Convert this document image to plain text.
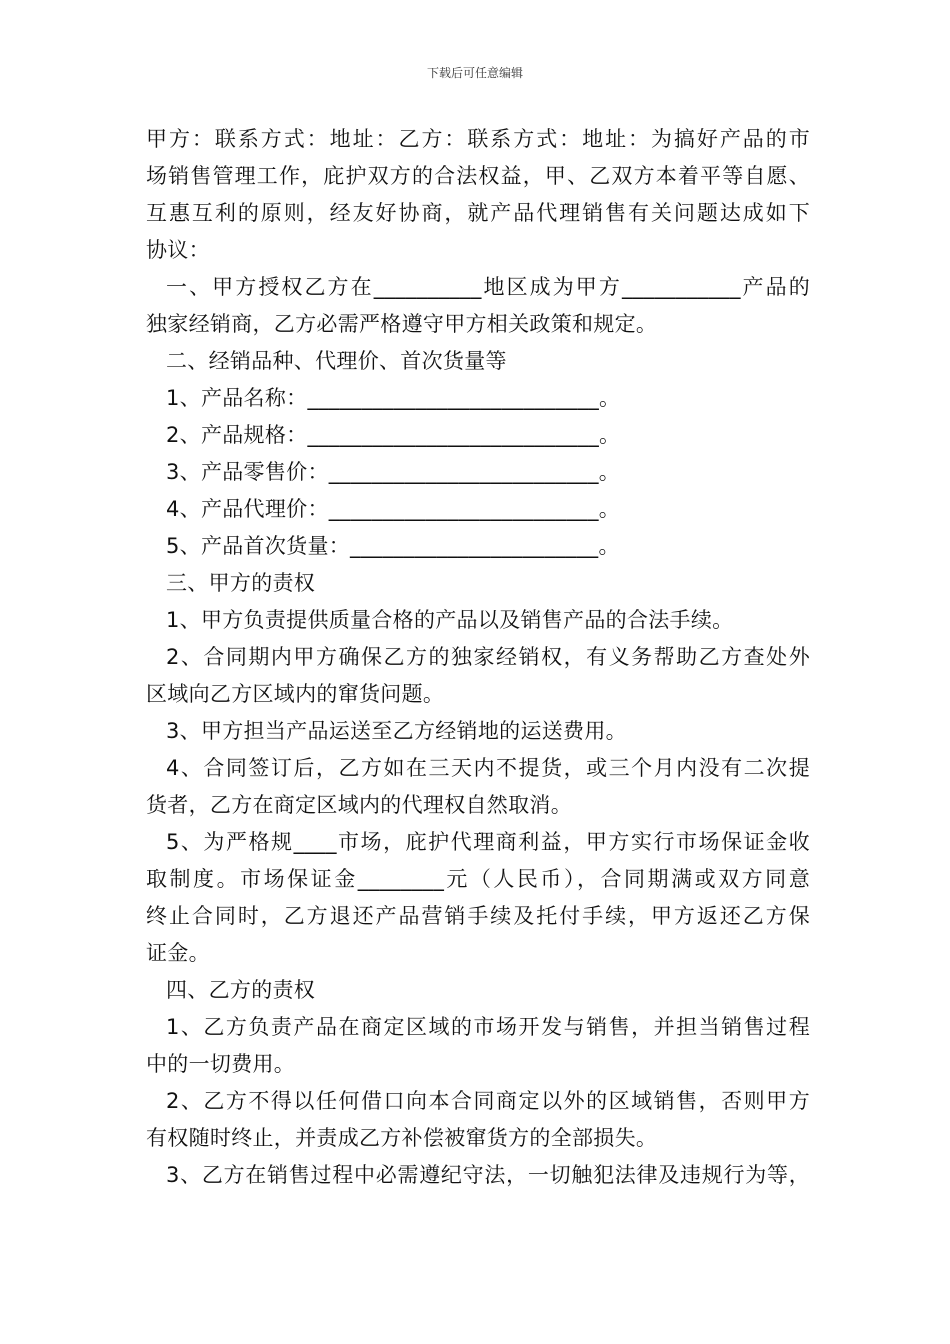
下载后可任意编辑
甲方：联系方式：地址：乙方：联系方式：地址：为搞好产品的市
场销售管理工作，庇护双方的合法权益，甲、乙双方本着平等自愿、
互惠互利的原则，经友好协商，就产品代理销售有关问题达成如下
协议：
一、甲方授权乙方在__________地区成为甲方___________产品的
独家经销商，乙方必需严格遵守甲方相关政策和规定。
二、经销品种、代理价、首次货量等
1、产品名称：___________________________。
2、产品规格：___________________________。
3、产品零售价：_________________________。
4、产品代理价：_________________________。
5、产品首次货量：_______________________。
三、甲方的责权
1、甲方负责提供质量合格的产品以及销售产品的合法手续。
2、合同期内甲方确保乙方的独家经销权，有义务帮助乙方查处外
区域向乙方区域内的窜货问题。
3、甲方担当产品运送至乙方经销地的运送费用。
4、合同签订后，乙方如在三天内不提货，或三个月内没有二次提
货者，乙方在商定区域内的代理权自然取消。
5、为严格规____市场，庇护代理商利益，甲方实行市场保证金收
取制度。市场保证金________元（人民币），合同期满或双方同意
终止合同时，乙方退还产品营销手续及托付手续，甲方返还乙方保
证金。
四、乙方的责权
1、乙方负责产品在商定区域的市场开发与销售，并担当销售过程
中的一切费用。
2、乙方不得以任何借口向本合同商定以外的区域销售，否则甲方
有权随时终止，并责成乙方补偿被窜货方的全部损失。
3、乙方在销售过程中必需遵纪守法，一切触犯法律及违规行为等，
